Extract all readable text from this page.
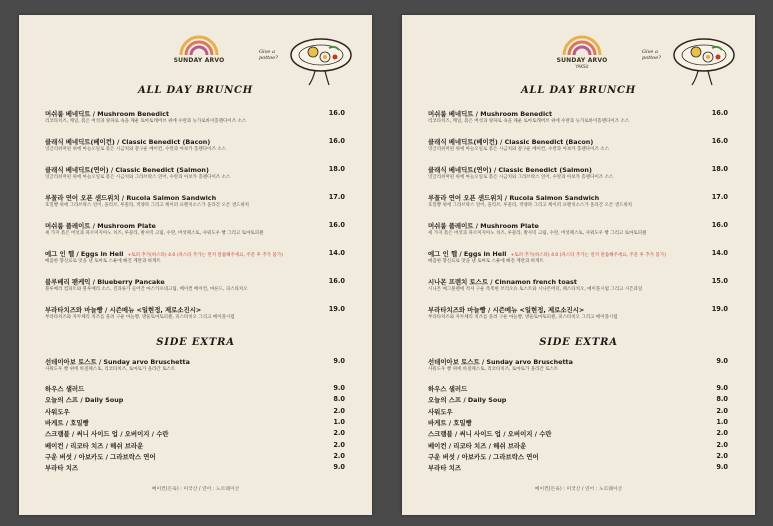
SUNDAY ARVO
Give a pottoe?
ALL DAY BRUNCH
머쉬룸 베네딕트 / Mushroom Benedict
리코타치즈, 케일, 볶은 버섯과 양파로 속을 채운 토마토캐버브 위에 수란과 뉴가로바이홀랜다이즈 소스
16.0
클래식 베네딕트(베이컨) / Classic Benedict (Bacon)
잉글리쉬머핀 위에 마늘오일로 볶은 시금치와 갈구운 베이컨, 수란과 아보카 홀랜다이즈 소스
16.0
클래식 베네딕트(연어) / Classic Benedict (Salmon)
잉글리쉬머핀 위에 마늘오일로 볶은 시금치와 그라브락스 연어, 수란과 아보카 홀랜다이즈 소스
18.0
루꼴라 연어 오픈 샌드위치 / Rucola Salmon Sandwich
호밀빵 위에 그라브락스 연어, 올리브, 루꼴라, 적양파 그리고 케이퍼 프렌치소스가 올라간 오픈 샌드위치
17.0
머쉬룸 플레이트 / Mushroom Plate
세 가지 볶은 버섯과 파르미지아노 치즈, 루꼴라, 발사믹 크림, 수란, 버섯페스토, 사워도우 빵 그리고 토마토피클
16.0
에그 인 헬 / Eggs in Hell +토퍼 추가(하스타) 4.0 (파스타 추가는 먼저 말씀해주세요, 주문 후 추가 불가)
매콤한 향신료로 맛을 낸 토마토 스튜에 빠진 계란과 바게트
14.0
블루베리 팬케익 / Blueberry Pancake
블루베리 컴피트와 블루베리 소스, 견과류가 들어간 마스카포네크림, 베이컨 베이컨, 마른드, 피스타치오
16.0
부라타치즈와 마늘빵 / 시즌메뉴 <일현정, 제로소진시>
부라타치즈와 자두체리 치즈를 올려 구운 마늘빵, 방울토마토피클, 피스타치오 그리고 메이플시럽
19.0
SIDE EXTRA
선데이아보 토스트 / Sunday arvo Bruschetta
사워도우 빵 위에 바질페스토, 리코타치즈, 토마토가 올라간 토스트
9.0
하우스 샐러드	9.0
오늘의 스프 / Daily Soup	8.0
사워도우	2.0
바게트 / 호밀빵	1.0
스크램블 / 써니 사이드 업 / 오버이지 / 수란	2.0
베이컨 / 리코타 치즈 / 헤쉬 브라운	2.0
구운 버섯 / 아보카도 / 그라브락스 연어	2.0
부라타 치즈	9.0
베이컨(돈육) : 미국산 / 연어 : 노르웨이산
SUNDAY ARVO
YAKSU
Give a pottoe?
ALL DAY BRUNCH
머쉬룸 베네딕트 / Mushroom Benedict
리코타치즈, 케일, 볶은 버섯과 양파로 속을 채운 토마토캐버브 위에 수란과 뉴가로바이홀랜다이즈 소스
16.0
클래식 베네딕트(베이컨) / Classic Benedict (Bacon)
잉글리쉬머핀 위에 마늘오일로 볶은 시금치와 갈구운 베이컨, 수란과 아보카 홀랜다이즈 소스
16.0
클래식 베네딕트(연어) / Classic Benedict (Salmon)
잉글리쉬머핀 위에 마늘오일로 볶은 시금치와 그라브락스 연어, 수란과 아보카 홀랜다이즈 소스
18.0
루꼴라 연어 오픈 샌드위치 / Rucola Salmon Sandwich
호밀빵 위에 그라브락스 연어, 올리브, 루꼴라, 적양파 그리고 케이퍼 프렌치소스가 올라간 오픈 샌드위치
17.0
머쉬룸 플레이트 / Mushroom Plate
세 가지 볶은 버섯과 파르미지아노 치즈, 루꼴라, 발사믹 크림, 수란, 버섯페스토, 사워도우 빵 그리고 토마토피클
16.0
에그 인 헬 / Eggs in Hell +토퍼 추가(하스타) 4.0 (파스타 추가는 먼저 말씀해주세요, 주문 후 추가 불가)
매콤한 향신료로 맛을 낸 토마토 스튜에 빠진 계란과 바게트
14.0
시나몬 프렌치 토스트 / Cinnamon french toast
시나몬 메그블렌에 적셔 구운 촉촉한 브리오슈 토스트와 시나몬버터, 페스타치오, 메이플시럽 그리고 시즌과일
15.0
부라타치즈와 마늘빵 / 시즌메뉴 <일현정, 제로소진시>
부라타치즈와 자두체리 치즈를 올려 구운 마늘빵, 방울토마토피클, 피스타치오 그리고 메이플시럽
19.0
SIDE EXTRA
선데이아보 토스트 / Sunday arvo Bruschetta
사워도우 빵 위에 바질페스토, 리코타치즈, 토마토가 올라간 토스트
9.0
하우스 샐러드	9.0
오늘의 스프 / Daily Soup	8.0
사워도우	2.0
바게트 / 호밀빵	1.0
스크램블 / 써니 사이드 업 / 오버이지 / 수란	2.0
베이컨 / 리코타 치즈 / 헤쉬 브라운	2.0
구운 버섯 / 아보카도 / 그라브락스 연어	2.0
부라타 치즈	9.0
베이컨(돈육) : 미국산 / 연어 : 노르웨이산
